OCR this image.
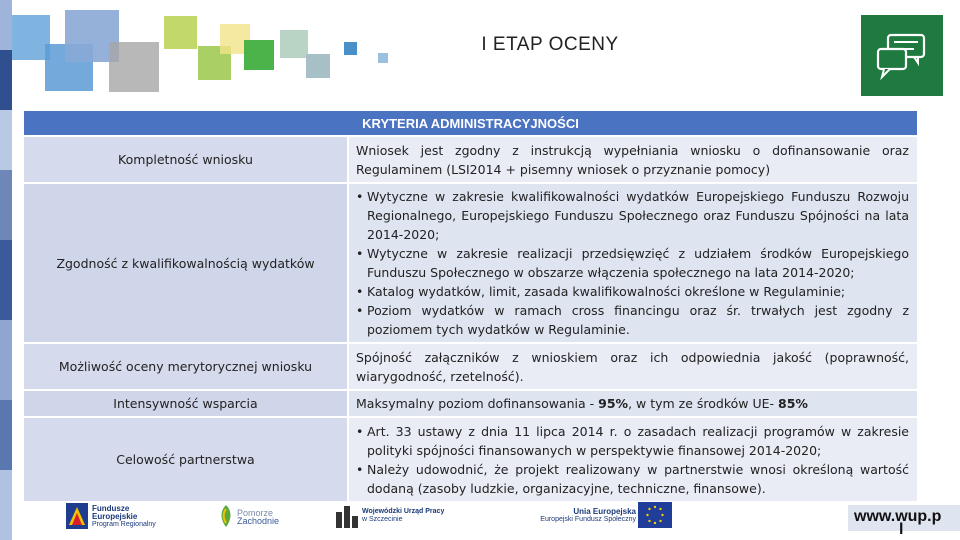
I ETAP OCENY
KRYTERIA ADMINISTRACYJNOŚCI
Kompletność wniosku
Wniosek jest zgodny z instrukcją wypełniania wniosku o dofinansowanie oraz Regulaminem (LSI2014 + pisemny wniosek o przyznanie pomocy)
Zgodność z kwalifikowalnością wydatków
• Wytyczne w zakresie kwalifikowalności wydatków Europejskiego Funduszu Rozwoju Regionalnego, Europejskiego Funduszu Społecznego oraz Funduszu Spójności na lata 2014-2020;
• Wytyczne w zakresie realizacji przedsięwzięć z udziałem środków Europejskiego Funduszu Społecznego w obszarze włączenia społecznego na lata 2014-2020;
• Katalog wydatków, limit, zasada kwalifikowalności określone w Regulaminie;
• Poziom wydatków w ramach cross financingu oraz śr. trwałych jest zgodny z poziomem tych wydatków w Regulaminie.
Możliwość oceny merytorycznej wniosku
Spójność załączników z wnioskiem oraz ich odpowiednia jakość (poprawność, wiarygodność, rzetelność).
Intensywność wsparcia	Maksymalny poziom dofinansowania - 95%, w tym ze środków UE- 85%
Celowość partnerstwa
• Art. 33 ustawy z dnia 11 lipca 2014 r. o zasadach realizacji programów w zakresie polityki spójności finansowanych w perspektywie finansowej 2014-2020;
• Należy udowodnić, że projekt realizowany w partnerstwie wnosi określoną wartość dodaną (zasoby ludzkie, organizacyjne, techniczne, finansowe).
Fundusze
Europejskie
Program Regionalny
Pomorze
Zachodnie
Wojewódzki Urząd Pracy
w Szczecinie
Unia Europejska
Europejski Fundusz Społeczny	www.wup.p
l
